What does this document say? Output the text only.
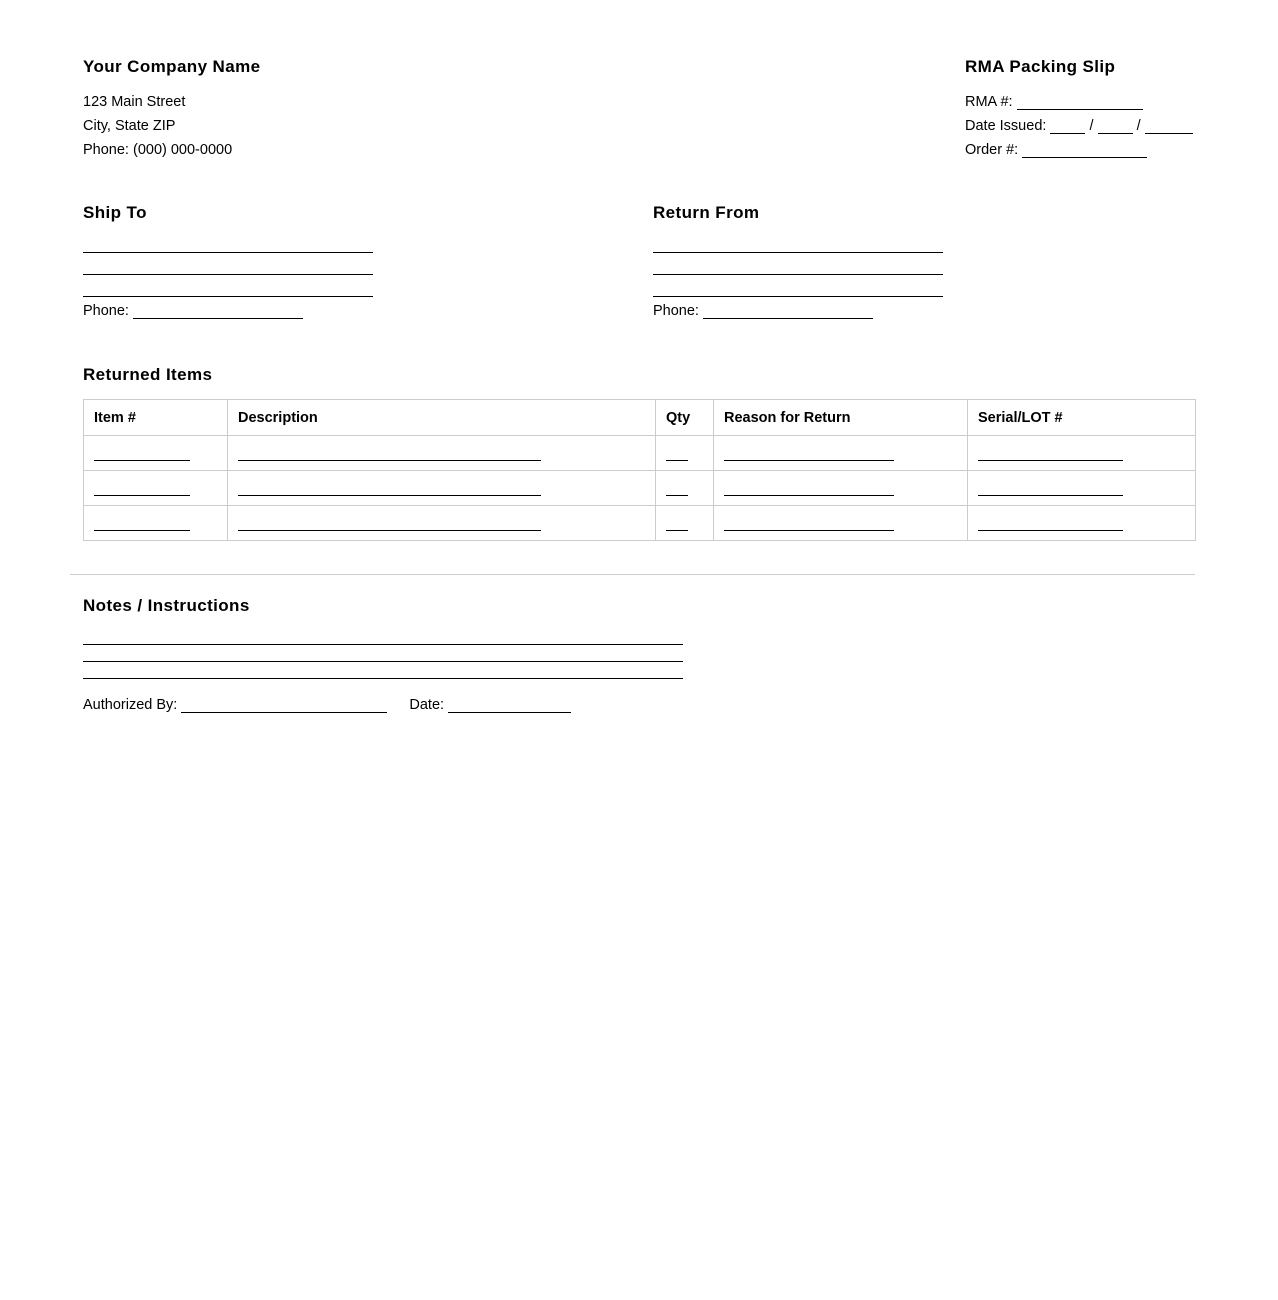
Your Company Name
123 Main Street
City, State ZIP
Phone: (000) 000-0000
RMA Packing Slip
RMA #:
Date Issued:	/	/
Order #:
Ship To
Phone:
Return From
Phone:
Returned Items
Item #	Description	Qty	Reason for Return	Serial/LOT #

Notes / Instructions
Authorized By:	Date:
